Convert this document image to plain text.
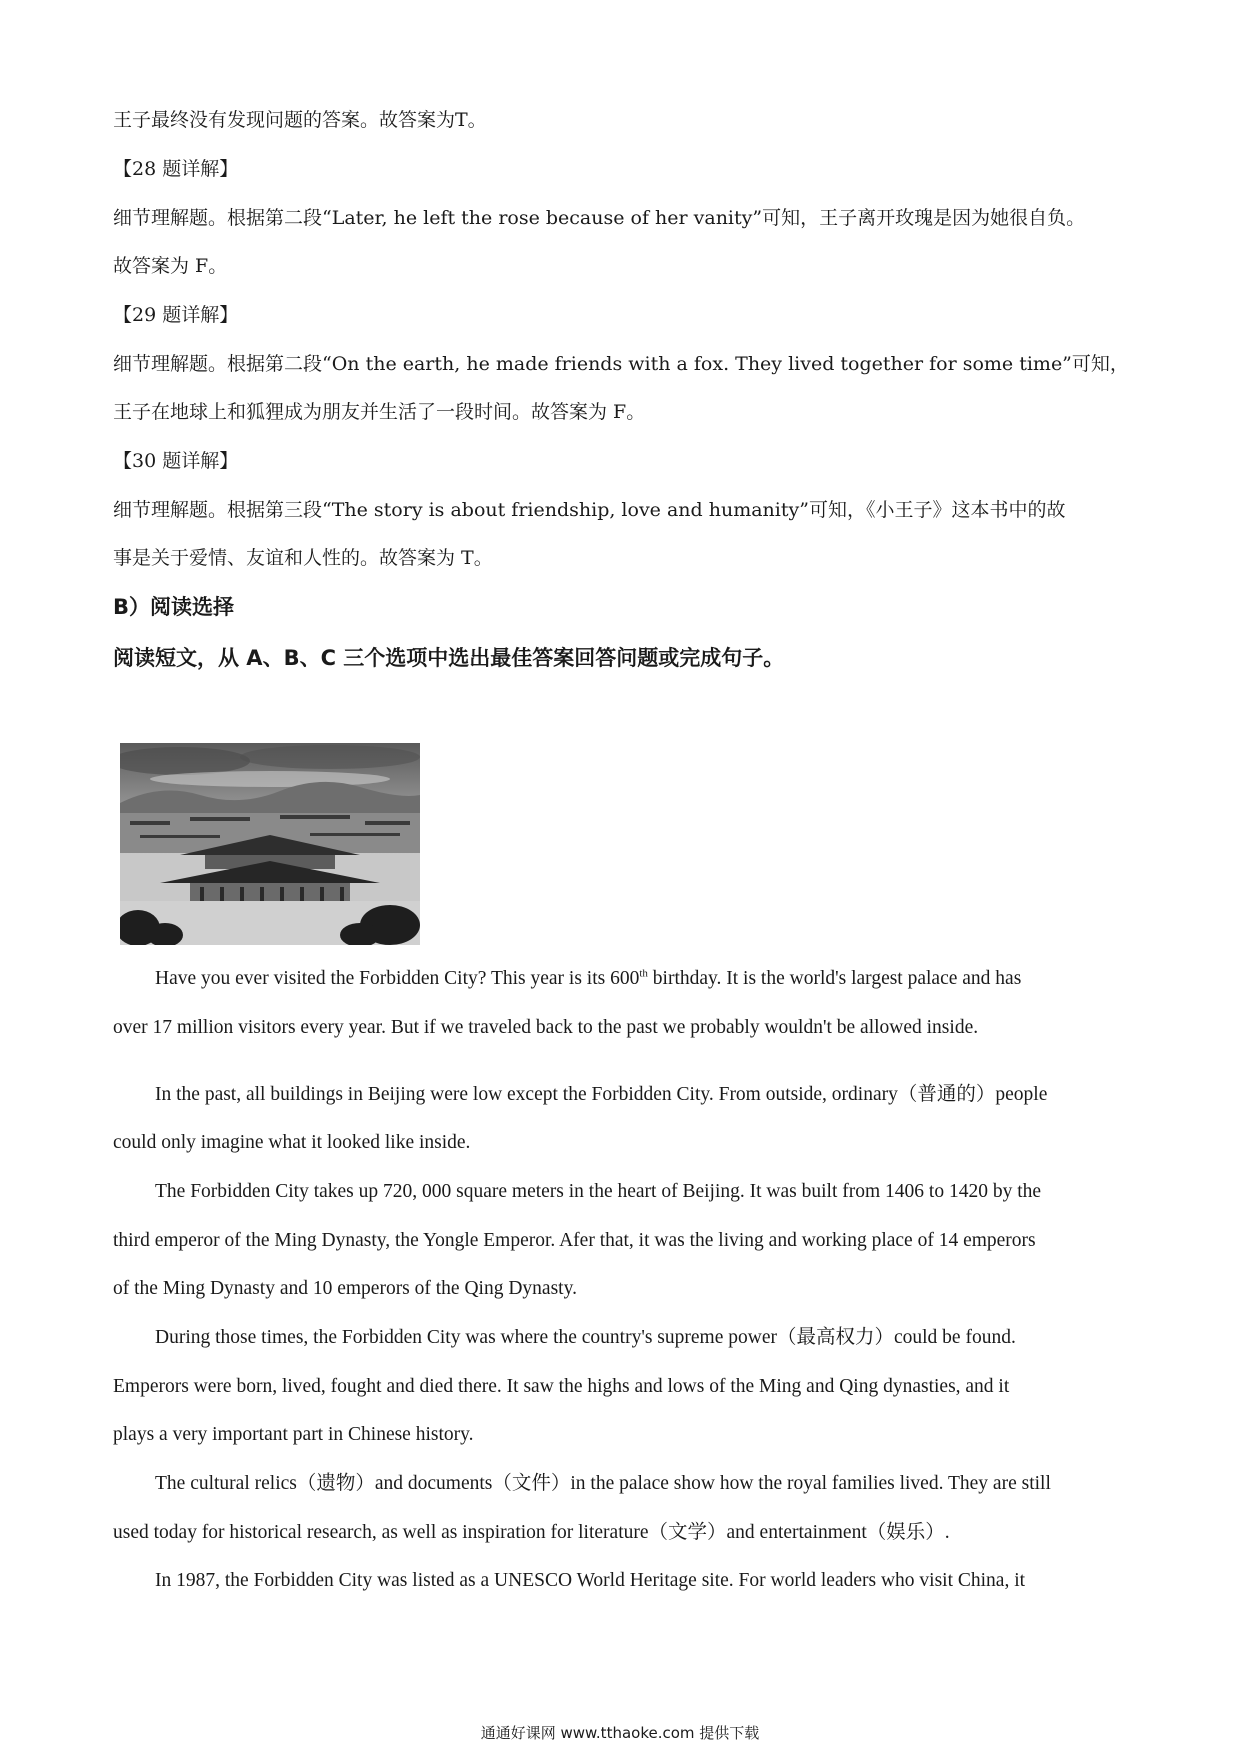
王子最终没有发现问题的答案。故答案为T。

【28 题详解】

细节理解题。根据第二段“Later, he left the rose because of her vanity”可知，王子离开玫瑰是因为她很自负。

故答案为 F。

【29 题详解】

细节理解题。根据第二段“On the earth, he made friends with a fox. They lived together for some time”可知，

王子在地球上和狐狸成为朋友并生活了一段时间。故答案为 F。

【30 题详解】

细节理解题。根据第三段“The story is about friendship, love and humanity”可知，《小王子》这本书中的故

事是关于爱情、友谊和人性的。故答案为 T。

B）阅读选择

阅读短文，从 A、B、C 三个选项中选出最佳答案回答问题或完成句子。

Have you ever visited the Forbidden City? This year is its 600th birthday. It is the world's largest palace and has

over 17 million visitors every year. But if we traveled back to the past we probably wouldn't be allowed inside.

In the past, all buildings in Beijing were low except the Forbidden City. From outside, ordinary（普通的）people

could only imagine what it looked like inside.

The Forbidden City takes up 720, 000 square meters in the heart of Beijing. It was built from 1406 to 1420 by the

third emperor of the Ming Dynasty, the Yongle Emperor. Afer that, it was the living and working place of 14 emperors

of the Ming Dynasty and 10 emperors of the Qing Dynasty.

During those times, the Forbidden City was where the country's supreme power（最高权力）could be found.

Emperors were born, lived, fought and died there. It saw the highs and lows of the Ming and Qing dynasties, and it

plays a very important part in Chinese history.

The cultural relics（遗物）and documents（文件）in the palace show how the royal families lived. They are still

used today for historical research, as well as inspiration for literature（文学）and entertainment（娱乐）.

In 1987, the Forbidden City was listed as a UNESCO World Heritage site. For world leaders who visit China, it

通通好课网 www.tthaoke.com 提供下载
